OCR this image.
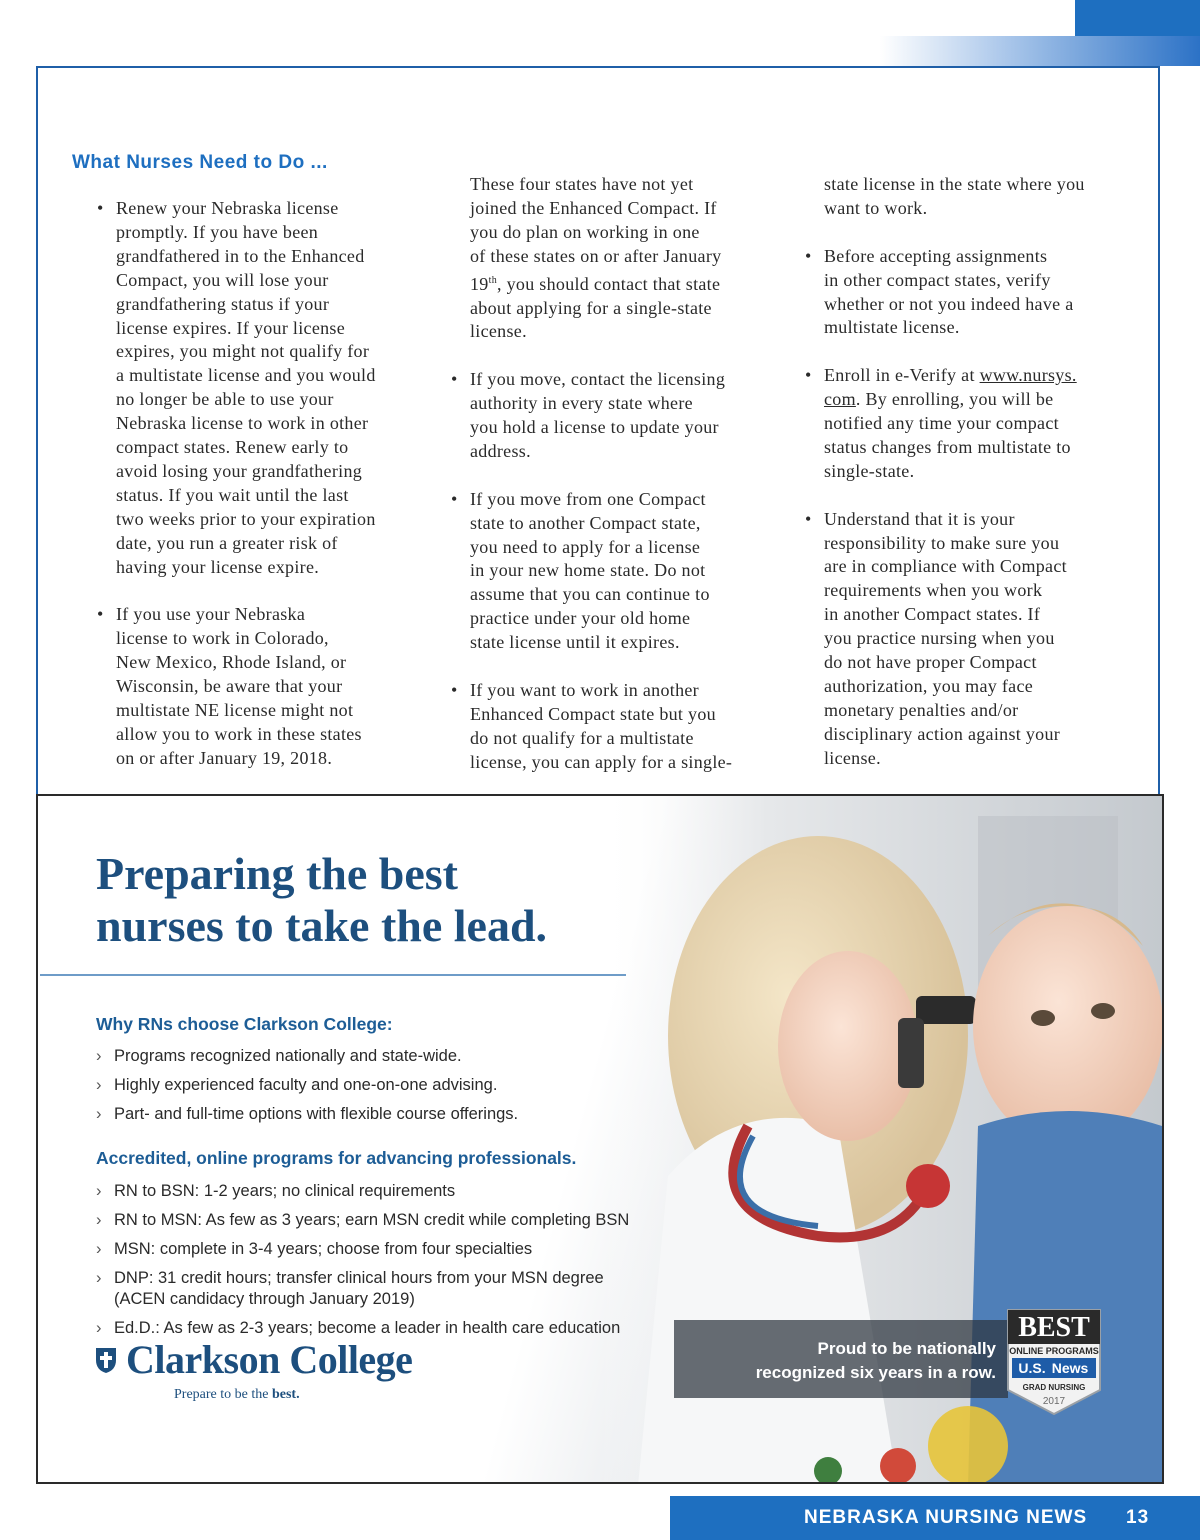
What Nurses Need to Do ...

• Renew your Nebraska license

promptly. If you have been

grandfathered in to the Enhanced

Compact, you will lose your

grandfathering status if your

license expires. If your license

expires, you might not qualify for

a multistate license and you would

no longer be able to use your

Nebraska license to work in other

compact states. Renew early to

avoid losing your grandfathering

status. If you wait until the last

two weeks prior to your expiration

date, you run a greater risk of

having your license expire.

• If you use your Nebraska

license to work in Colorado,

New Mexico, Rhode Island, or

Wisconsin, be aware that your

multistate NE license might not

allow you to work in these states

on or after January 19, 2018.

These four states have not yet

joined the Enhanced Compact. If

you do plan on working in one

of these states on or after January

19th, you should contact that state

about applying for a single-state

license.

• If you move, contact the licensing

authority in every state where

you hold a license to update your

address.

• If you move from one Compact

state to another Compact state,

you need to apply for a license

in your new home state. Do not

assume that you can continue to

practice under your old home

state license until it expires.

• If you want to work in another

Enhanced Compact state but you

do not qualify for a multistate

license, you can apply for a single-

state license in the state where you

want to work.

• Before accepting assignments

in other compact states, verify

whether or not you indeed have a

multistate license.

• Enroll in e-Verify at www.nursys.

com. By enrolling, you will be

notified any time your compact

status changes from multistate to

single-state.

• Understand that it is your

responsibility to make sure you

are in compliance with Compact

requirements when you work

in another Compact states. If

you practice nursing when you

do not have proper Compact

authorization, you may face

monetary penalties and/or

disciplinary action against your

license.

Preparing the best
nurses to take the lead.
Why RNs choose Clarkson College:
› Programs recognized nationally and state-wide.
› Highly experienced faculty and one-on-one advising.
› Part- and full-time options with flexible course offerings.
Accredited, online programs for advancing professionals.
› RN to BSN: 1-2 years; no clinical requirements
› RN to MSN: As few as 3 years; earn MSN credit while completing BSN
› MSN: complete in 3-4 years; choose from four specialties
› DNP: 31 credit hours; transfer clinical hours from your MSN degree
(ACEN candidacy through January 2019)
› Ed.D.: As few as 2-3 years; become a leader in health care education
Clarkson College
Prepare to be the best.
Proud to be nationally
recognized six years in a row.
BEST
ONLINE PROGRAMS
U.S. News
GRAD NURSING
2017
NEBRASKA NURSING NEWS 13
